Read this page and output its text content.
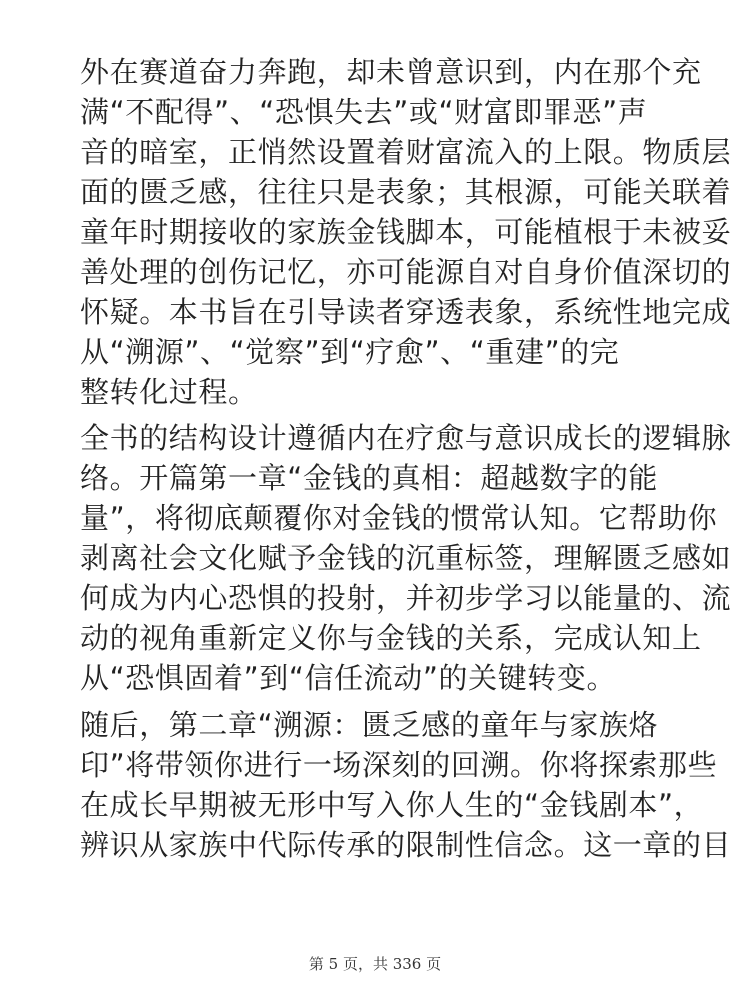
外在赛道奋力奔跑，却未曾意识到，内在那个充
满“不配得”、“恐惧失去”或“财富即罪恶”声
音的暗室，正悄然设置着财富流入的上限。物质层
面的匮乏感，往往只是表象；其根源，可能关联着
童年时期接收的家族金钱脚本，可能植根于未被妥
善处理的创伤记忆，亦可能源自对自身价值深切的
怀疑。本书旨在引导读者穿透表象，系统性地完成
从“溯源”、“觉察”到“疗愈”、“重建”的完
整转化过程。
全书的结构设计遵循内在疗愈与意识成长的逻辑脉
络。开篇第一章“金钱的真相：超越数字的能
量”，将彻底颠覆你对金钱的惯常认知。它帮助你
剥离社会文化赋予金钱的沉重标签，理解匮乏感如
何成为内心恐惧的投射，并初步学习以能量的、流
动的视角重新定义你与金钱的关系，完成认知上
从“恐惧固着”到“信任流动”的关键转变。
随后，第二章“溯源：匮乏感的童年与家族烙
印”将带领你进行一场深刻的回溯。你将探索那些
在成长早期被无形中写入你人生的“金钱剧本”，
辨识从家族中代际传承的限制性信念。这一章的目
第 5 页，共 336 页
